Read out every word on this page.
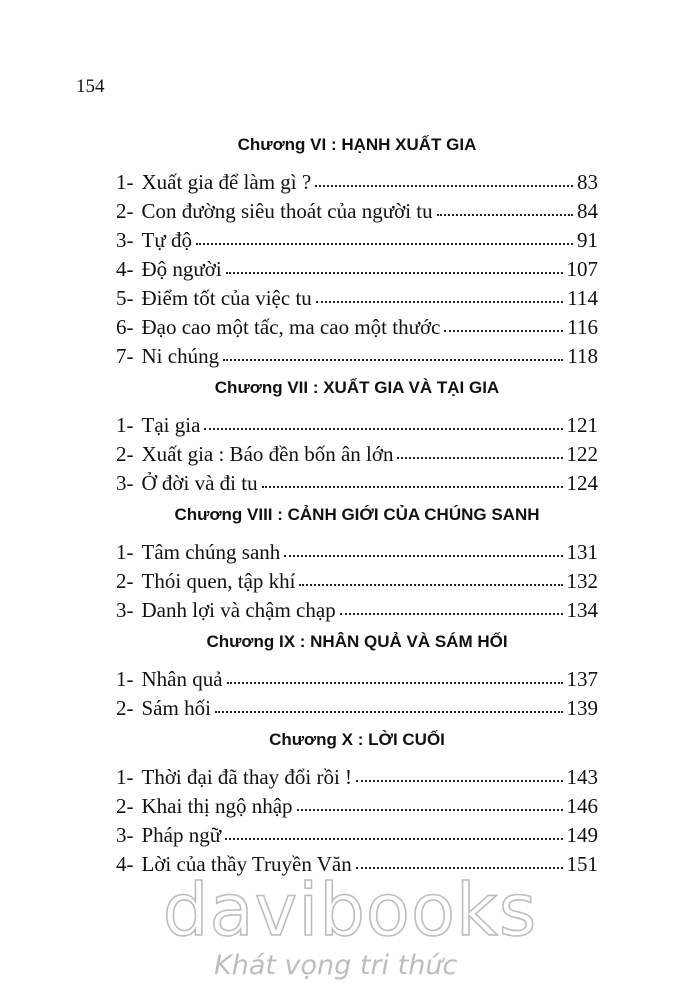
154
Chương VI : HẠNH XUẤT GIA
1- Xuất gia để làm gì ?	83
2- Con đường siêu thoát của người tu	84
3- Tự độ	91
4- Độ người	107
5- Điểm tốt của việc tu	114
6- Đạo cao một tấc, ma cao một thước	116
7- Ni chúng	118
Chương VII : XUẤT GIA VÀ TẠI GIA
1- Tại gia	121
2- Xuất gia : Báo đền bốn ân lớn	122
3- Ở đời và đi tu	124
Chương VIII : CẢNH GIỚI CỦA CHÚNG SANH
1- Tâm chúng sanh	131
2- Thói quen, tập khí	132
3- Danh lợi và chậm chạp	134
Chương IX : NHÂN QUẢ VÀ SÁM HỐI
1- Nhân quả	137
2- Sám hối	139
Chương X : LỜI CUỐI
1- Thời đại đã thay đổi rồi !	143
2- Khai thị ngộ nhập	146
3- Pháp ngữ	149
4- Lời của thầy Truyền Văn	151
davibooks
Khát vọng tri thức
